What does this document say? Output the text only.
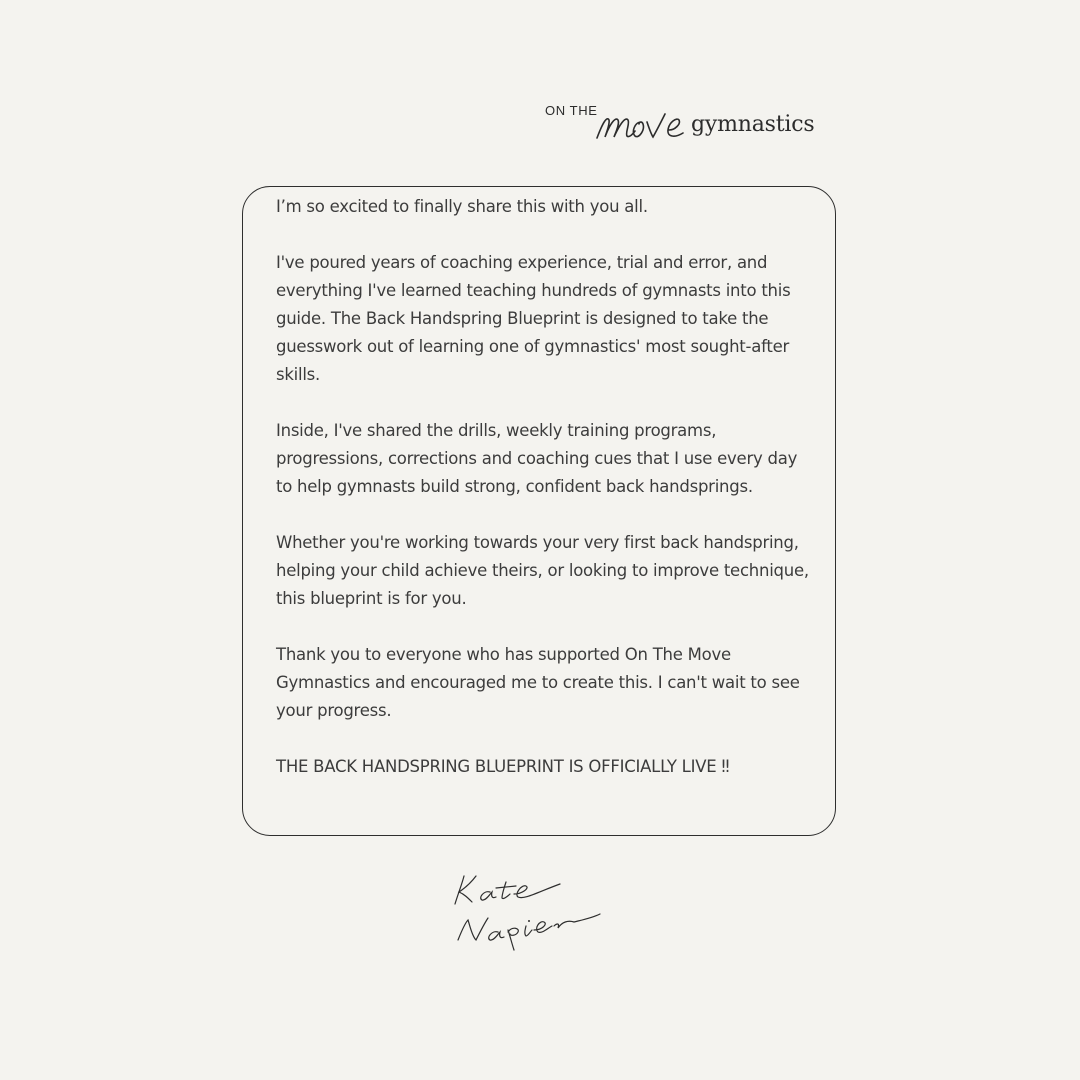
ON THE
gymnastics

I’m so excited to finally share this with you all.

I've poured years of coaching experience, trial and error, and everything I've learned teaching hundreds of gymnasts into this guide. The Back Handspring Blueprint is designed to take the guesswork out of learning one of gymnastics' most sought-after skills.

Inside, I've shared the drills, weekly training programs, progressions, corrections and coaching cues that I use every day to help gymnasts build strong, confident back handsprings.

Whether you're working towards your very first back handspring, helping your child achieve theirs, or looking to improve technique, this blueprint is for you.

Thank you to everyone who has supported On The Move Gymnastics and encouraged me to create this. I can't wait to see your progress.

THE BACK HANDSPRING BLUEPRINT IS OFFICIALLY LIVE ‼
